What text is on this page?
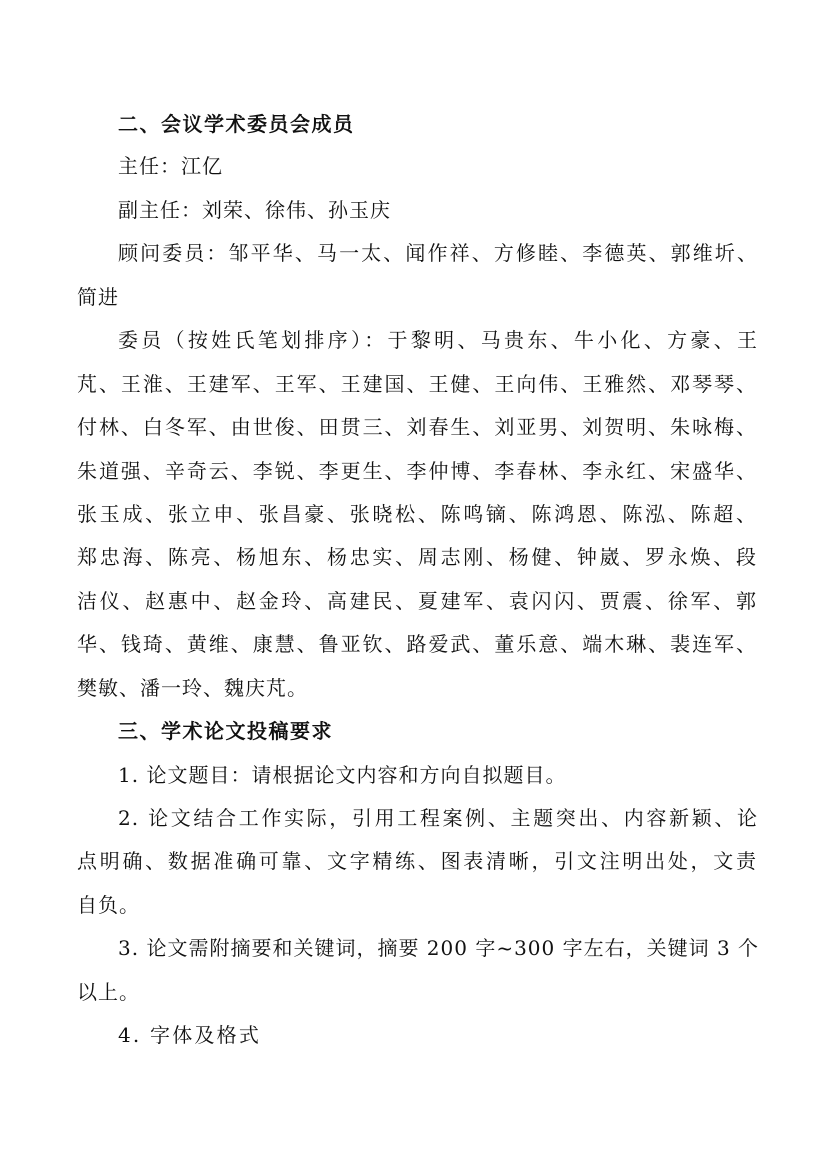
二、会议学术委员会成员
主任：江亿
副主任：刘荣、徐伟、孙玉庆
顾问委员：邹平华、马一太、闻作祥、方修睦、李德英、郭维圻、
简进
委员（按姓氏笔划排序）：于黎明、马贵东、牛小化、方豪、王
芃、王淮、王建军、王军、王建国、王健、王向伟、王雅然、邓琴琴、
付林、白冬军、由世俊、田贯三、刘春生、刘亚男、刘贺明、朱咏梅、
朱道强、辛奇云、李锐、李更生、李仲博、李春林、李永红、宋盛华、
张玉成、张立申、张昌豪、张晓松、陈鸣镝、陈鸿恩、陈泓、陈超、
郑忠海、陈亮、杨旭东、杨忠实、周志刚、杨健、钟崴、罗永焕、段
洁仪、赵惠中、赵金玲、高建民、夏建军、袁闪闪、贾震、徐军、郭
华、钱琦、黄维、康慧、鲁亚钦、路爱武、董乐意、端木琳、裴连军、
樊敏、潘一玲、魏庆芃。
三、学术论文投稿要求
1. 论文题目：请根据论文内容和方向自拟题目。
2. 论文结合工作实际，引用工程案例、主题突出、内容新颖、论
点明确、数据准确可靠、文字精练、图表清晰，引文注明出处，文责
自负。
3. 论文需附摘要和关键词，摘要 200 字~300 字左右，关键词 3 个
以上。
4. 字体及格式
